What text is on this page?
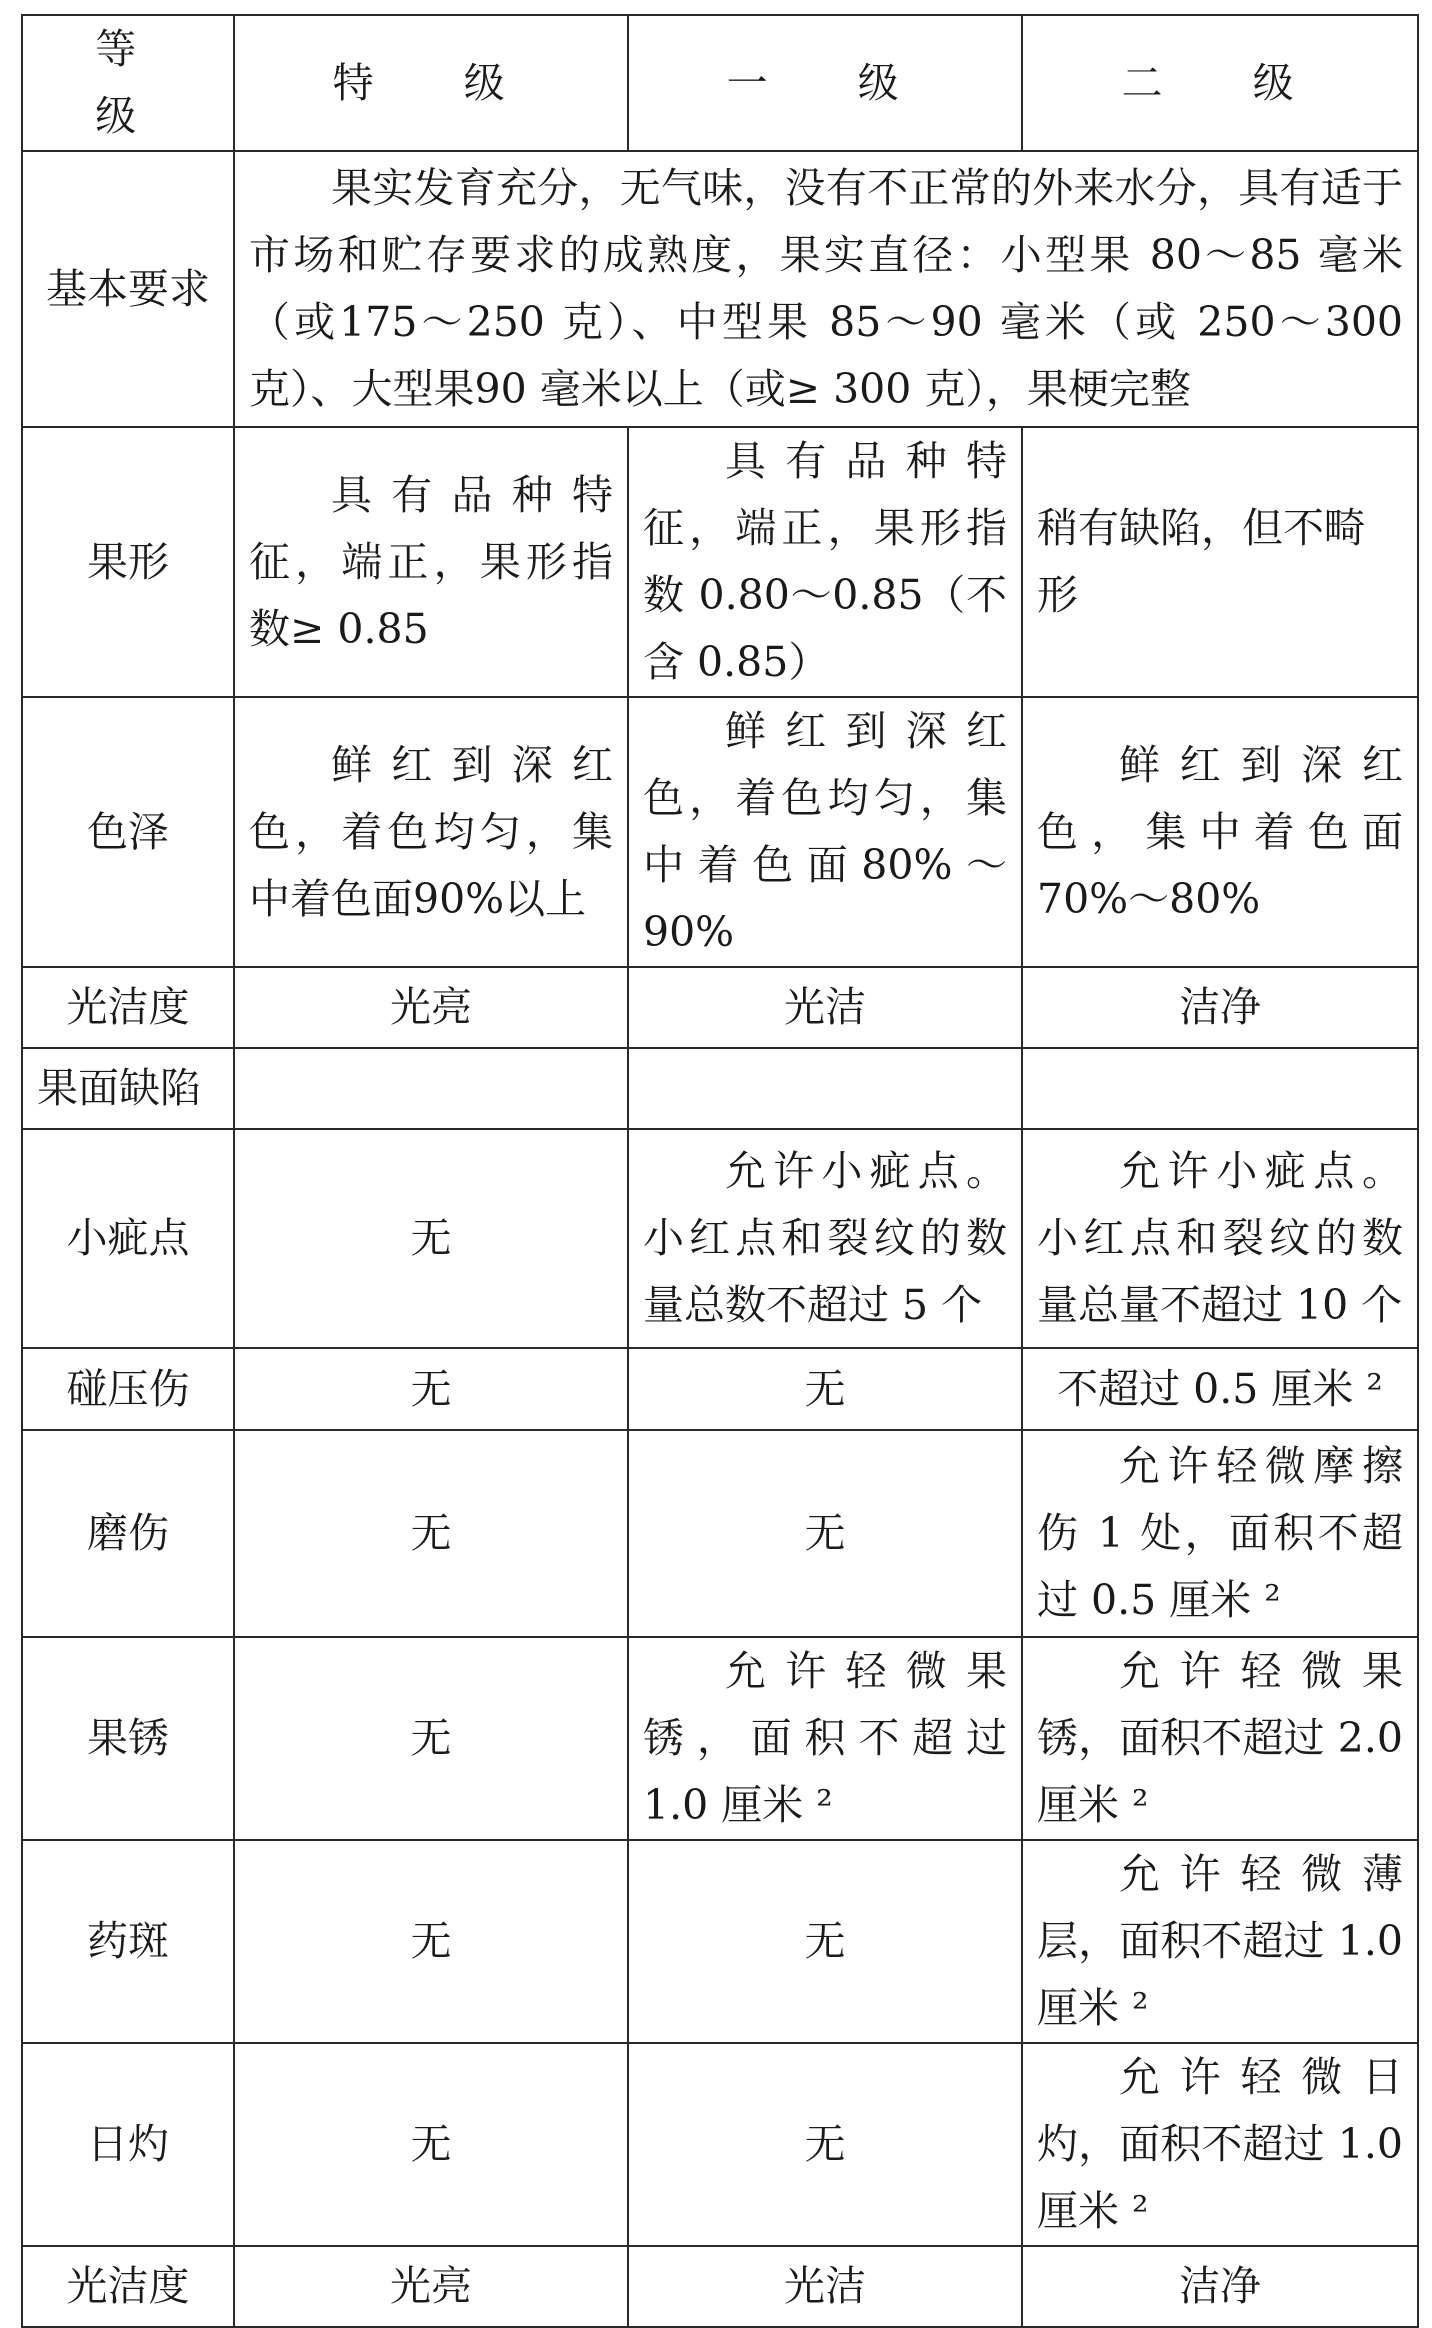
等　级	特　级	一　级	二　级
基本要求	果实发育充分，无气味，没有不正常的外来水分，具有适于市场和贮存要求的成熟度，果实直径：小型果 80～85 毫米（或175～250 克）、中型果 85～90 毫米（或 250～300 克）、大型果90 毫米以上（或≥ 300 克），果梗完整		
果形	具有品种特征，端正，果形指数≥ 0.85	具有品种特征，端正，果形指数 0.80～0.85（不含 0.85）	稍有缺陷，但不畸形
色泽	鲜红到深红色，着色均匀，集中着色面90%以上	鲜红到深红色，着色均匀，集中着色面80%～90%	鲜红到深红色，集中着色面 70%～80%
光洁度	光亮	光洁	洁净
果面缺陷			
小疵点	无	允许小疵点。小红点和裂纹的数量总数不超过 5 个	允许小疵点。小红点和裂纹的数量总量不超过 10 个
碰压伤	无	无	不超过 0.5 厘米 ²
磨伤	无	无	允许轻微摩擦伤 1 处，面积不超过 0.5 厘米 ²
果锈	无	允许轻微果锈，面积不超过 1.0 厘米 ²	允许轻微果锈，面积不超过 2.0 厘米 ²
药斑	无	无	允许轻微薄层，面积不超过 1.0 厘米 ²
日灼	无	无	允许轻微日灼，面积不超过 1.0 厘米 ²
光洁度	光亮	光洁	洁净
